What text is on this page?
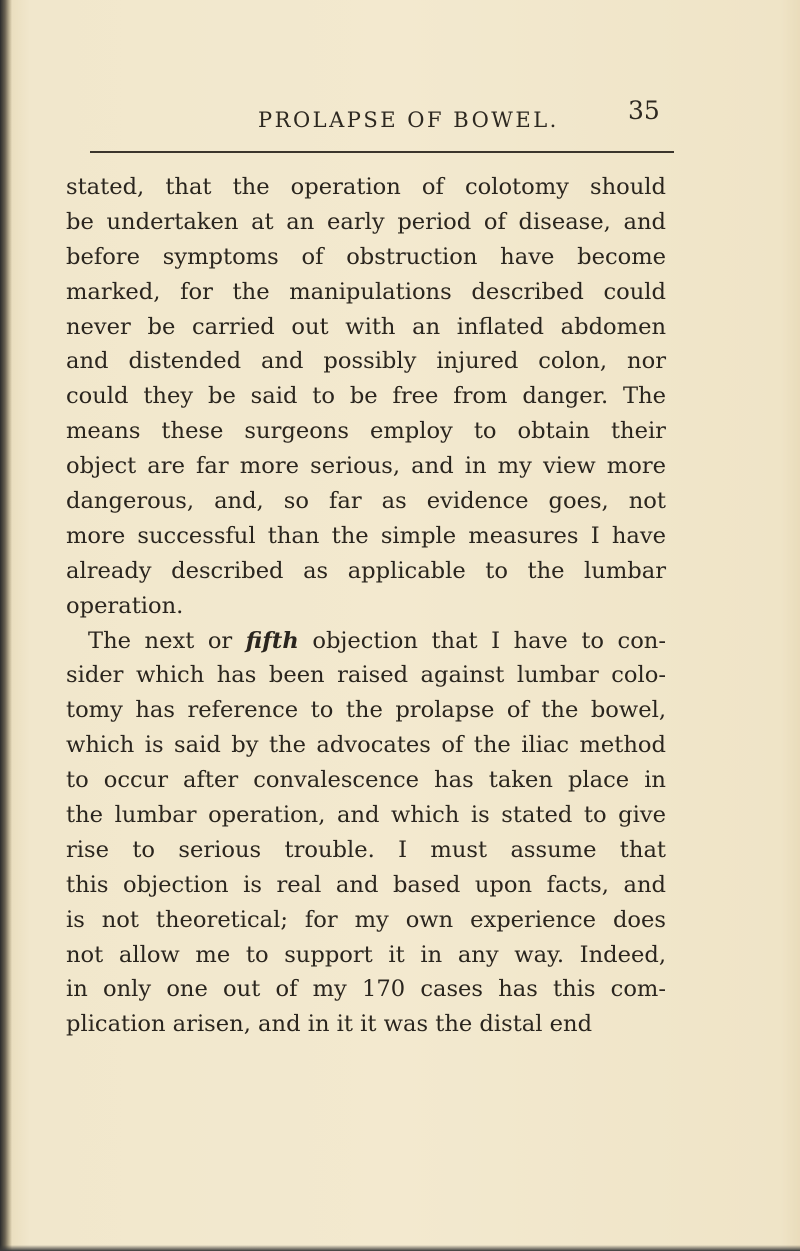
PROLAPSE OF BOWEL.	35
stated, that the operation of colotomy should
be undertaken at an early period of disease, and
before symptoms of obstruction have become
marked, for the manipulations described could
never be carried out with an inflated abdomen
and distended and possibly injured colon, nor
could they be said to be free from danger. The
means these surgeons employ to obtain their
object are far more serious, and in my view more
dangerous, and, so far as evidence goes, not
more successful than the simple measures I have
already described as applicable to the lumbar
operation.
The next or fifth objection that I have to con-
sider which has been raised against lumbar colo-
tomy has reference to the prolapse of the bowel,
which is said by the advocates of the iliac method
to occur after convalescence has taken place in
the lumbar operation, and which is stated to give
rise to serious trouble. I must assume that
this objection is real and based upon facts, and
is not theoretical; for my own experience does
not allow me to support it in any way. Indeed,
in only one out of my 170 cases has this com-
plication arisen, and in it it was the distal end
